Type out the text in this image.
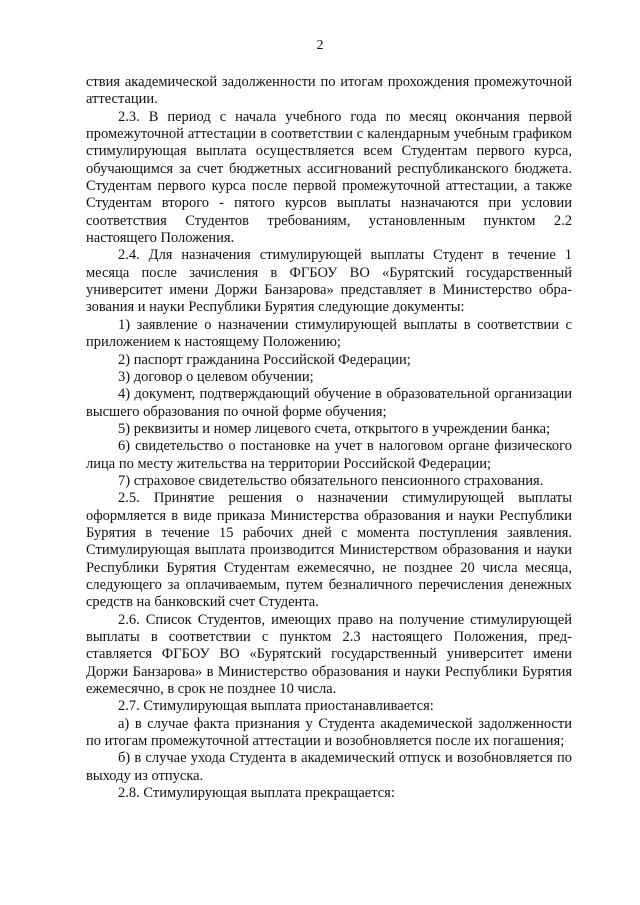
2

ствия академической задолженности по итогам прохождения промежуточной аттестации.

2.3. В период с начала учебного года по месяц окончания первой промежуточной аттестации в соответствии с календарным учебным графиком стимулирующая выплата осуществляется всем Студентам первого курса, обучающимся за счет бюджетных ассигнований республиканского бюджета. Студентам первого курса после первой промежуточной аттестации, а также Студентам второго - пятого курсов выплаты назначаются при условии соответствия Студентов требованиям, установленным пунктом 2.2 настоящего Положения.

2.4. Для назначения стимулирующей выплаты Студент в течение 1 месяца после зачисления в ФГБОУ ВО «Бурятский государственный университет имени Доржи Банзарова» представляет в Министерство образования и науки Республики Бурятия следующие документы:

1) заявление о назначении стимулирующей выплаты в соответствии с приложением к настоящему Положению;

2) паспорт гражданина Российской Федерации;

3) договор о целевом обучении;

4) документ, подтверждающий обучение в образовательной организации высшего образования по очной форме обучения;

5) реквизиты и номер лицевого счета, открытого в учреждении банка;

6) свидетельство о постановке на учет в налоговом органе физического лица по месту жительства на территории Российской Федерации;

7) страховое свидетельство обязательного пенсионного страхования.

2.5. Принятие решения о назначении стимулирующей выплаты оформляется в виде приказа Министерства образования и науки Республики Бурятия в течение 15 рабочих дней с момента поступления заявления. Стимулирующая выплата производится Министерством образования и науки Республики Бурятия Студентам ежемесячно, не позднее 20 числа месяца, следующего за оплачиваемым, путем безналичного перечисления денежных средств на банковский счет Студента.

2.6. Список Студентов, имеющих право на получение стимулирующей выплаты в соответствии с пунктом 2.3 настоящего Положения, представляется ФГБОУ ВО «Бурятский государственный университет имени Доржи Банзарова» в Министерство образования и науки Республики Бурятия ежемесячно, в срок не позднее 10 числа.

2.7. Стимулирующая выплата приостанавливается:

а) в случае факта признания у Студента академической задолженности по итогам промежуточной аттестации и возобновляется после их погашения;

б) в случае ухода Студента в академический отпуск и возобновляется по выходу из отпуска.

2.8. Стимулирующая выплата прекращается:
